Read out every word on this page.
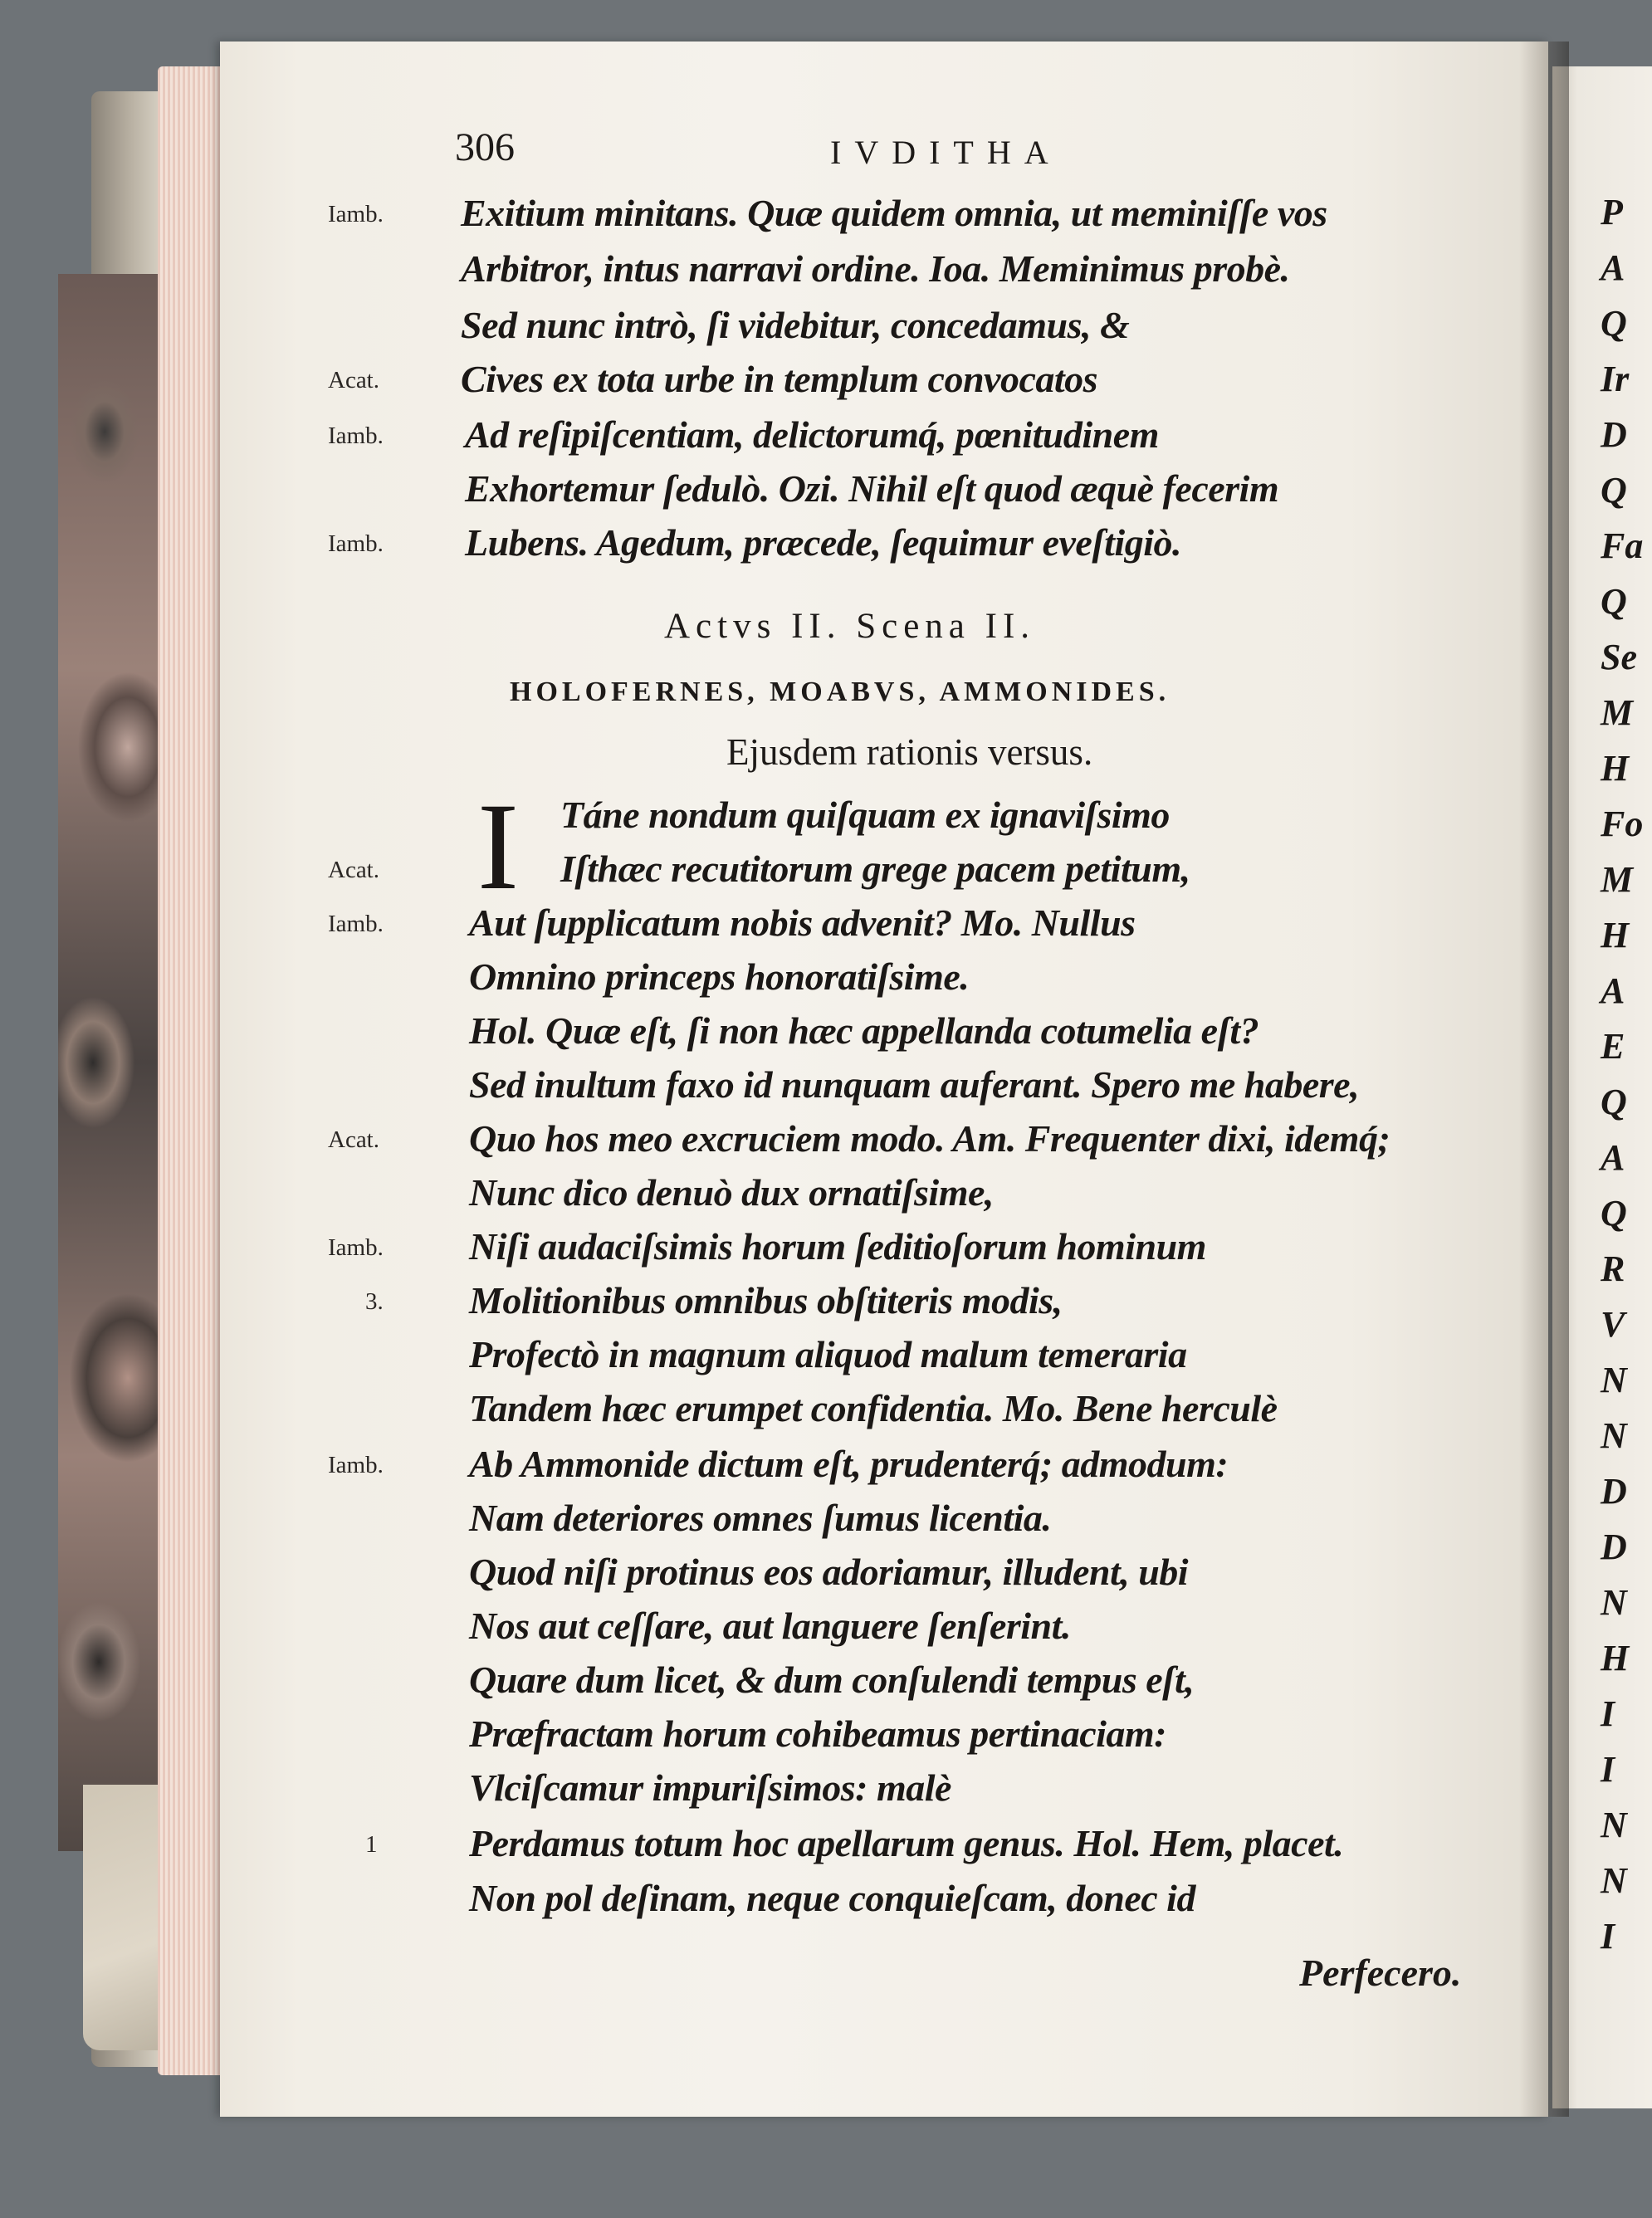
306	IVDITHA
Actvs II. Scena II.
HOLOFERNES, MOABVS, AMMONIDES.
Ejusdem rationis versus.
I
Exitium minitans. Quæ quidem omnia, ut meminiſſe vos
Iamb.
Arbitror, intus narravi ordine. Ioa. Meminimus probè.
Sed nunc intrò, ſi videbitur, concedamus, &
Cives ex tota urbe in templum convocatos
Acat.
Ad reſipiſcentiam, delictorumq́, pœnitudinem
Iamb.
Exhortemur ſedulò. Ozi. Nihil eſt quod æquè fecerim
Lubens. Agedum, præcede, ſequimur eveſtigiò.
Iamb.
Táne nondum quiſquam ex ignaviſsimo
Iſthæc recutitorum grege pacem petitum,
Acat.
Aut ſupplicatum nobis advenit? Mo. Nullus
Iamb.
Omnino princeps honoratiſsime.
Hol. Quæ eſt, ſi non hæc appellanda cotumelia eſt?
Sed inultum faxo id nunquam auferant. Spero me habere,
Quo hos meo excruciem modo. Am. Frequenter dixi, idemq́;
Acat.
Nunc dico denuò dux ornatiſsime,
Niſi audaciſsimis horum ſeditioſorum hominum
Iamb.
Molitionibus omnibus obſtiteris modis,
3.
Profectò in magnum aliquod malum temeraria
Tandem hæc erumpet confidentia. Mo. Bene herculè
Ab Ammonide dictum eſt, prudenterq́; admodum:
Iamb.
Nam deteriores omnes ſumus licentia.
Quod niſi protinus eos adoriamur, illudent, ubi
Nos aut ceſſare, aut languere ſenſerint.
Quare dum licet, & dum conſulendi tempus eſt,
Præfractam horum cohibeamus pertinaciam:
Vlciſcamur impuriſsimos: malè
Perdamus totum hoc apellarum genus. Hol. Hem, placet.
1
Non pol deſinam, neque conquieſcam, donec id
Perfecero.
P
A
Q
Ir
D
Q
Fa
Q
Se
M
H
Fo
M
H
A
E
Q
A
Q
R
V
N
N
D
D
N
H
I
I
N
N
I
